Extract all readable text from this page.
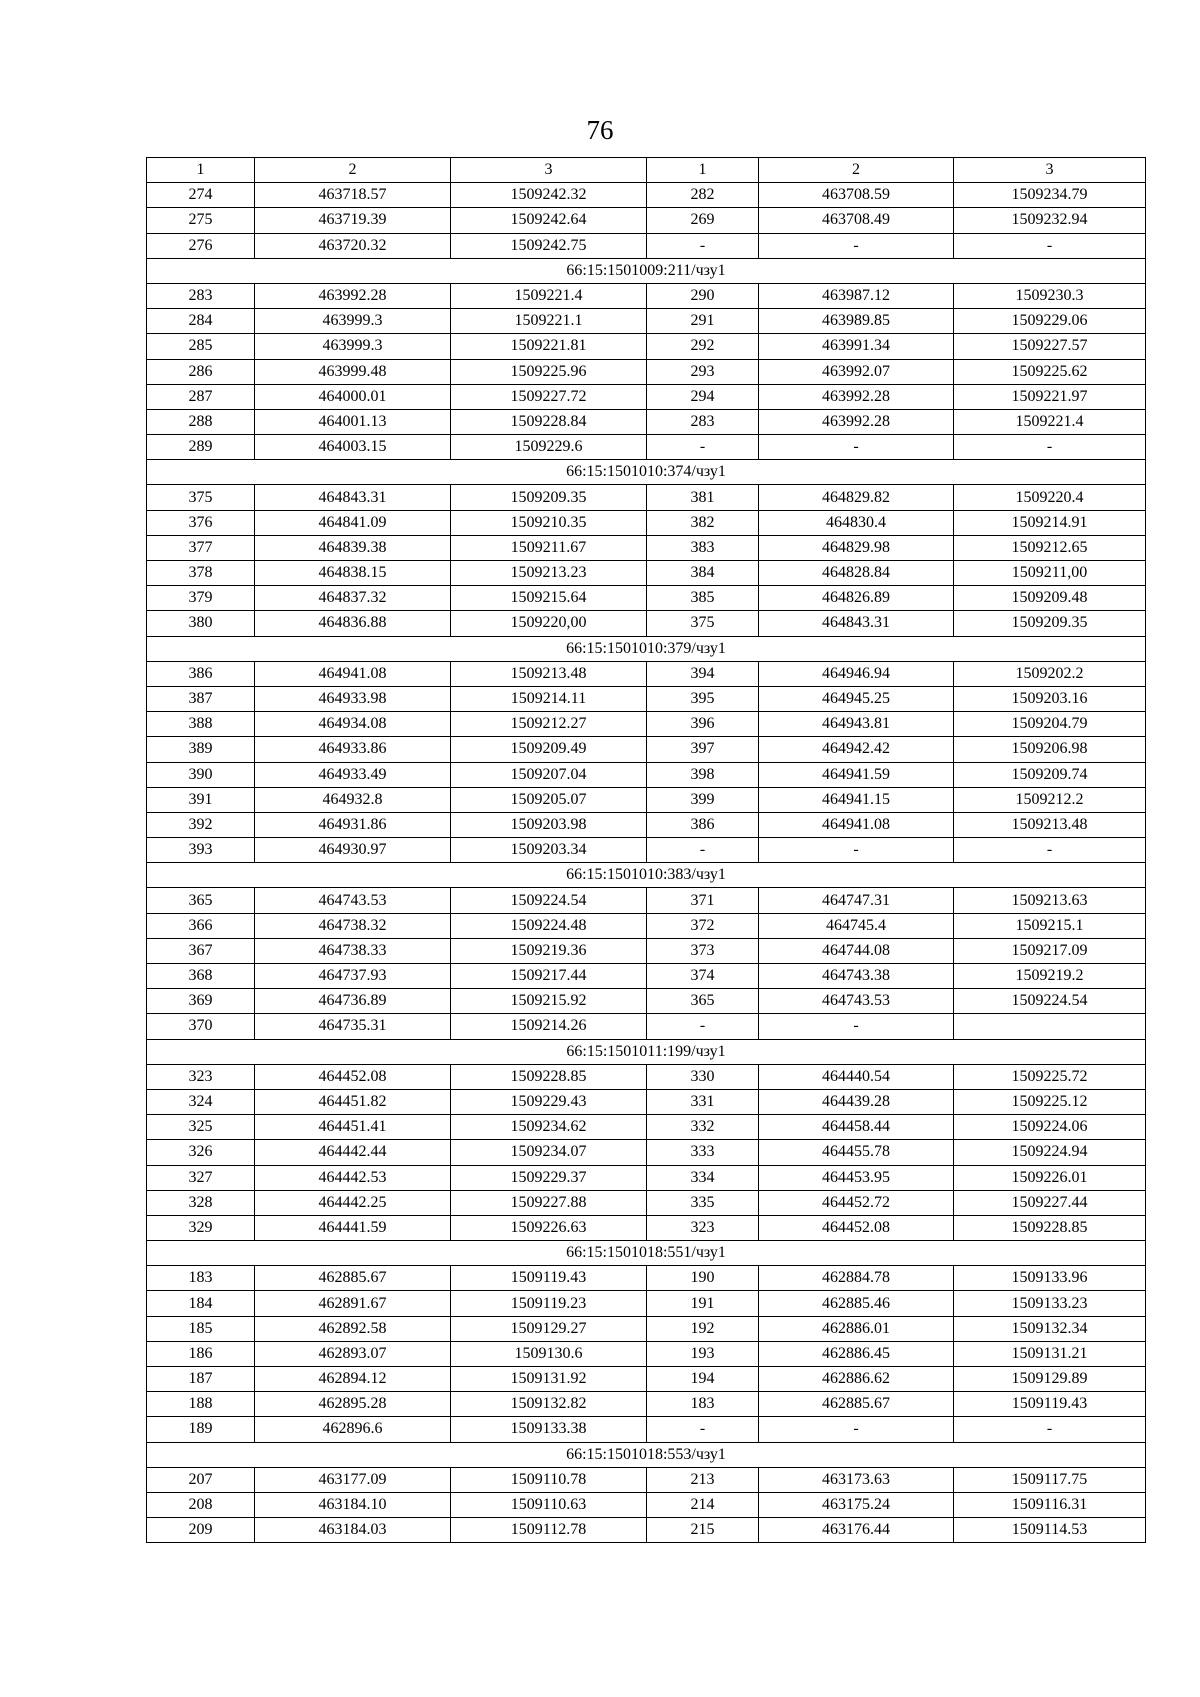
76
1	2	3	1	2	3
274	463718.57	1509242.32	282	463708.59	1509234.79
275	463719.39	1509242.64	269	463708.49	1509232.94
276	463720.32	1509242.75	-	-	-
66:15:1501009:211/чзу1					
283	463992.28	1509221.4	290	463987.12	1509230.3
284	463999.3	1509221.1	291	463989.85	1509229.06
285	463999.3	1509221.81	292	463991.34	1509227.57
286	463999.48	1509225.96	293	463992.07	1509225.62
287	464000.01	1509227.72	294	463992.28	1509221.97
288	464001.13	1509228.84	283	463992.28	1509221.4
289	464003.15	1509229.6	-	-	-
66:15:1501010:374/чзу1					
375	464843.31	1509209.35	381	464829.82	1509220.4
376	464841.09	1509210.35	382	464830.4	1509214.91
377	464839.38	1509211.67	383	464829.98	1509212.65
378	464838.15	1509213.23	384	464828.84	1509211,00
379	464837.32	1509215.64	385	464826.89	1509209.48
380	464836.88	1509220,00	375	464843.31	1509209.35
66:15:1501010:379/чзу1					
386	464941.08	1509213.48	394	464946.94	1509202.2
387	464933.98	1509214.11	395	464945.25	1509203.16
388	464934.08	1509212.27	396	464943.81	1509204.79
389	464933.86	1509209.49	397	464942.42	1509206.98
390	464933.49	1509207.04	398	464941.59	1509209.74
391	464932.8	1509205.07	399	464941.15	1509212.2
392	464931.86	1509203.98	386	464941.08	1509213.48
393	464930.97	1509203.34	-	-	-
66:15:1501010:383/чзу1					
365	464743.53	1509224.54	371	464747.31	1509213.63
366	464738.32	1509224.48	372	464745.4	1509215.1
367	464738.33	1509219.36	373	464744.08	1509217.09
368	464737.93	1509217.44	374	464743.38	1509219.2
369	464736.89	1509215.92	365	464743.53	1509224.54
370	464735.31	1509214.26	-	-	
66:15:1501011:199/чзу1					
323	464452.08	1509228.85	330	464440.54	1509225.72
324	464451.82	1509229.43	331	464439.28	1509225.12
325	464451.41	1509234.62	332	464458.44	1509224.06
326	464442.44	1509234.07	333	464455.78	1509224.94
327	464442.53	1509229.37	334	464453.95	1509226.01
328	464442.25	1509227.88	335	464452.72	1509227.44
329	464441.59	1509226.63	323	464452.08	1509228.85
66:15:1501018:551/чзу1					
183	462885.67	1509119.43	190	462884.78	1509133.96
184	462891.67	1509119.23	191	462885.46	1509133.23
185	462892.58	1509129.27	192	462886.01	1509132.34
186	462893.07	1509130.6	193	462886.45	1509131.21
187	462894.12	1509131.92	194	462886.62	1509129.89
188	462895.28	1509132.82	183	462885.67	1509119.43
189	462896.6	1509133.38	-	-	-
66:15:1501018:553/чзу1					
207	463177.09	1509110.78	213	463173.63	1509117.75
208	463184.10	1509110.63	214	463175.24	1509116.31
209	463184.03	1509112.78	215	463176.44	1509114.53
